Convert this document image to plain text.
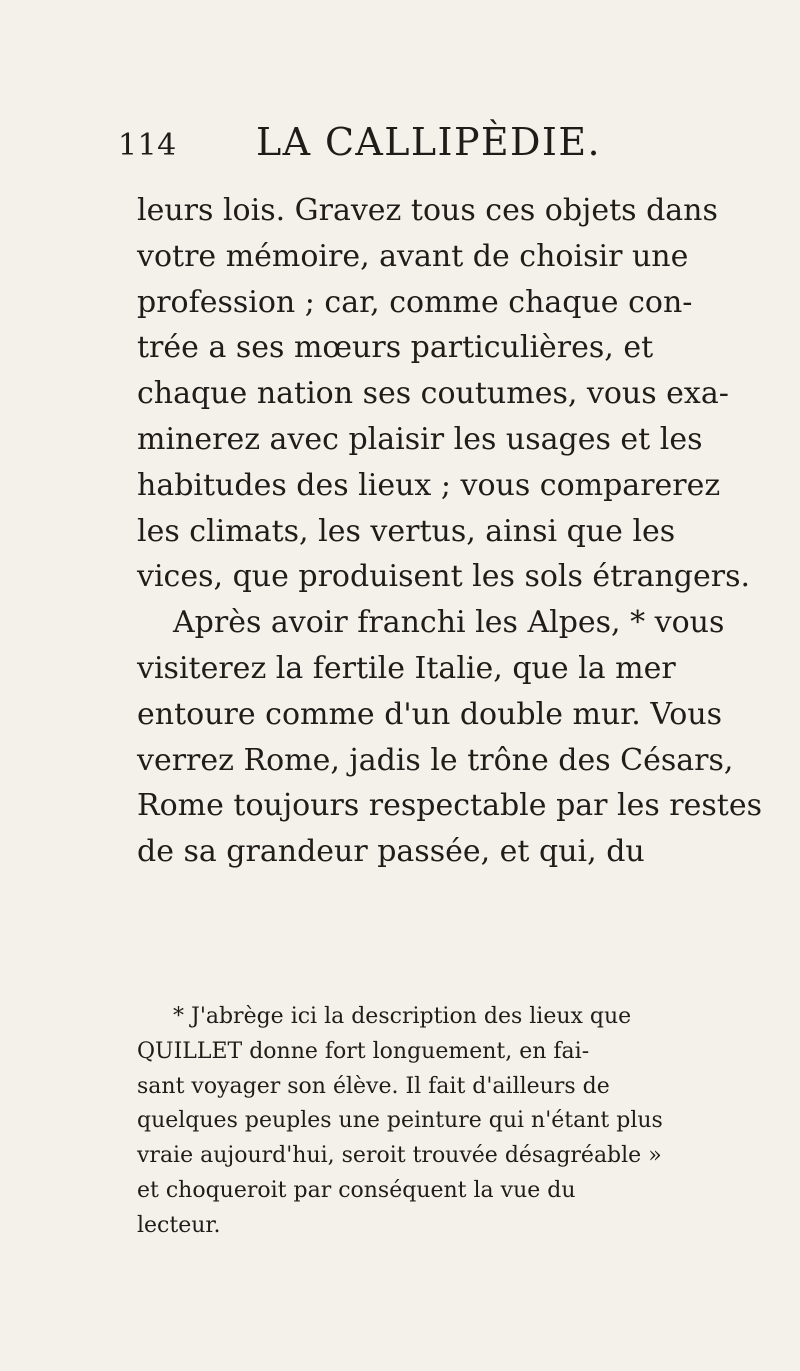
114 LA CALLIPÈDIE.
leurs lois. Gravez tous ces objets dans
votre mémoire, avant de choisir une
profession ; car, comme chaque con-
trée a ses mœurs particulières, et
chaque nation ses coutumes, vous exa-
minerez avec plaisir les usages et les
habitudes des lieux ; vous comparerez
les climats, les vertus, ainsi que les
vices, que produisent les sols étrangers.
Après avoir franchi les Alpes, * vous
visiterez la fertile Italie, que la mer
entoure comme d'un double mur. Vous
verrez Rome, jadis le trône des Césars,
Rome toujours respectable par les restes
de sa grandeur passée, et qui, du
* J'abrège ici la description des lieux que
QUILLET donne fort longuement, en fai-
sant voyager son élève. Il fait d'ailleurs de
quelques peuples une peinture qui n'étant plus
vraie aujourd'hui, seroit trouvée désagréable »
et choqueroit par conséquent la vue du
lecteur.
